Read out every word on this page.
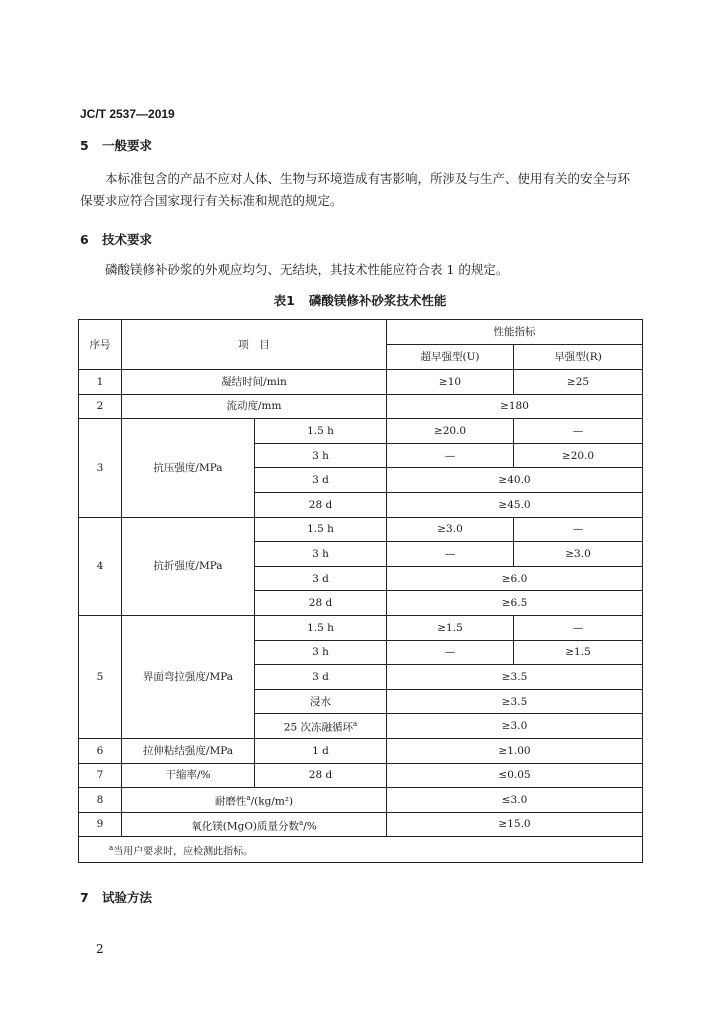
JC/T 2537—2019
5 一般要求
本标准包含的产品不应对人体、生物与环境造成有害影响，所涉及与生产、使用有关的安全与环保要求应符合国家现行有关标准和规范的规定。
6 技术要求
磷酸镁修补砂浆的外观应均匀、无结块，其技术性能应符合表 1 的规定。
表1 磷酸镁修补砂浆技术性能
序号	项　目		性能指标	
			超早强型(U)	早强型(R)
1	凝结时间/min		≥10	≥25
2	流动度/mm		≥180	
3	抗压强度/MPa	1.5 h	≥20.0	—
		3 h	—	≥20.0
		3 d	≥40.0	
		28 d	≥45.0	
4	抗折强度/MPa	1.5 h	≥3.0	—
		3 h	—	≥3.0
		3 d	≥6.0	
		28 d	≥6.5	
5	界面弯拉强度/MPa	1.5 h	≥1.5	—
		3 h	—	≥1.5
		3 d	≥3.5	
		浸水	≥3.5	
		25 次冻融循环$^a$	≥3.0	
6	拉伸粘结强度/MPa	1 d	≥1.00	
7	干缩率/%	28 d	≤0.05	
8	耐磨性$^a$/(kg/m²)		≤3.0	
9	氧化镁(MgO)质量分数$^a$/%		≥15.0	
$^a$当用户要求时，应检测此指标。				
7 试验方法
2
